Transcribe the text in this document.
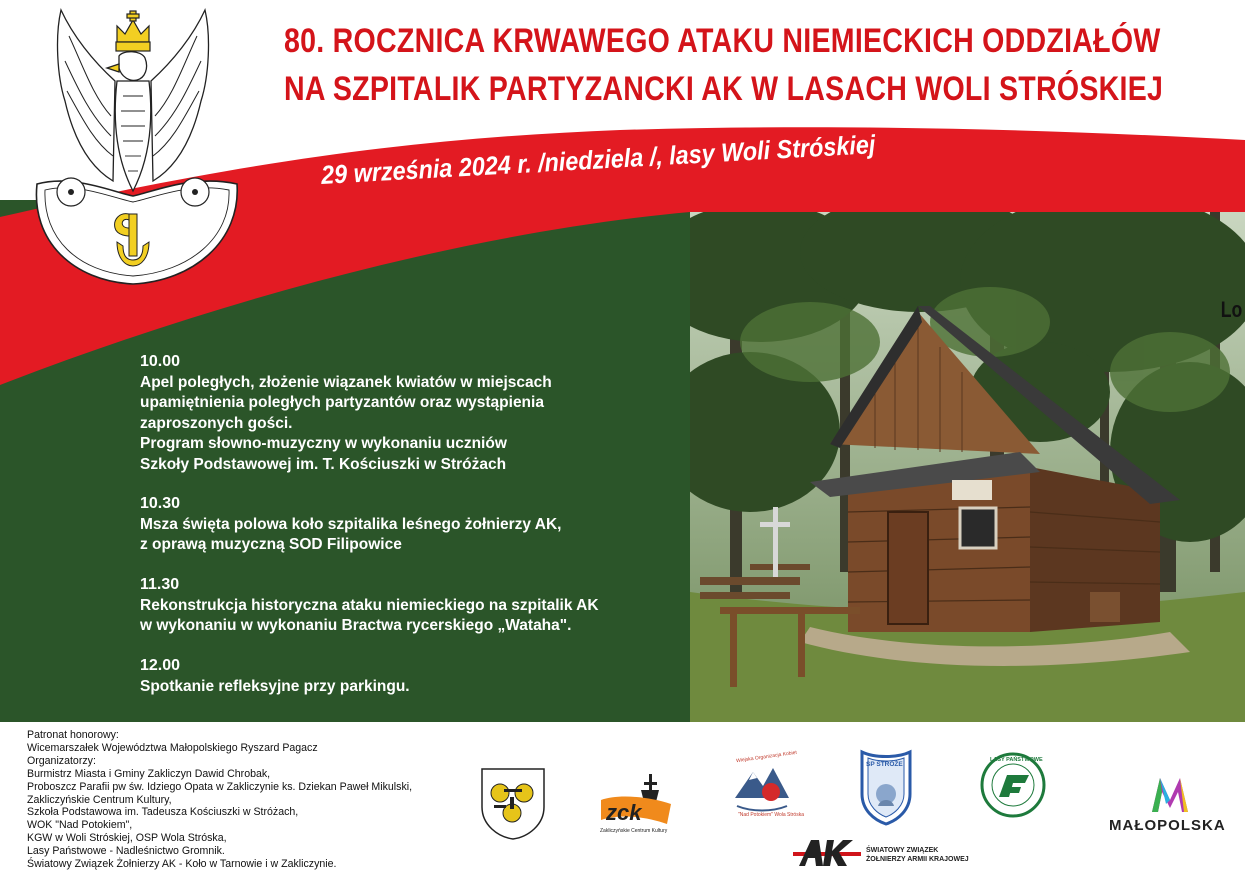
80. ROCZNICA KRWAWEGO ATAKU NIEMIECKICH ODDZIAŁÓW
NA SZPITALIK PARTYZANCKI AK W LASACH WOLI STRÓSKIEJ
29 września 2024 r. /niedziela /, lasy Woli Stróskiej
10.00
Apel poległych, złożenie wiązanek kwiatów w miejscach
upamiętnienia poległych partyzantów oraz wystąpienia
zaproszonych gości.
Program słowno-muzyczny w wykonaniu uczniów
Szkoły Podstawowej im. T. Kościuszki w Stróżach
10.30
Msza święta polowa koło szpitalika leśnego żołnierzy AK,
z oprawą muzyczną SOD Filipowice
11.30
Rekonstrukcja historyczna ataku niemieckiego na szpitalik AK
w wykonaniu w wykonaniu Bractwa rycerskiego „Wataha".
12.00
Spotkanie refleksyjne przy parkingu.
Lo
Patronat honorowy:
Wicemarszałek Województwa Małopolskiego Ryszard Pagacz
Organizatorzy:
Burmistrz Miasta i Gminy Zakliczyn Dawid Chrobak,
Proboszcz Parafii pw św. Idziego Opata w Zakliczynie ks. Dziekan Paweł Mikulski,
Zakliczyńskie Centrum Kultury,
Szkoła Podstawowa im. Tadeusza Kościuszki w Stróżach,
WOK "Nad Potokiem",
KGW w Woli Stróskiej, OSP Wola Stróska,
Lasy Państwowe - Nadleśnictwo Gromnik.
Światowy Związek Żołnierzy AK - Koło w Tarnowie i w Zakliczynie.
zck
Zakliczyńskie Centrum Kultury
Wiejska Organizacja Kobiet
"Nad Potokiem" Wola Stróska
SP STRÓŻE
LASY PAŃSTWOWE
MAŁOPOLSKA
ŚWIATOWY ZWIĄZEK
ŻOŁNIERZY ARMII KRAJOWEJ
